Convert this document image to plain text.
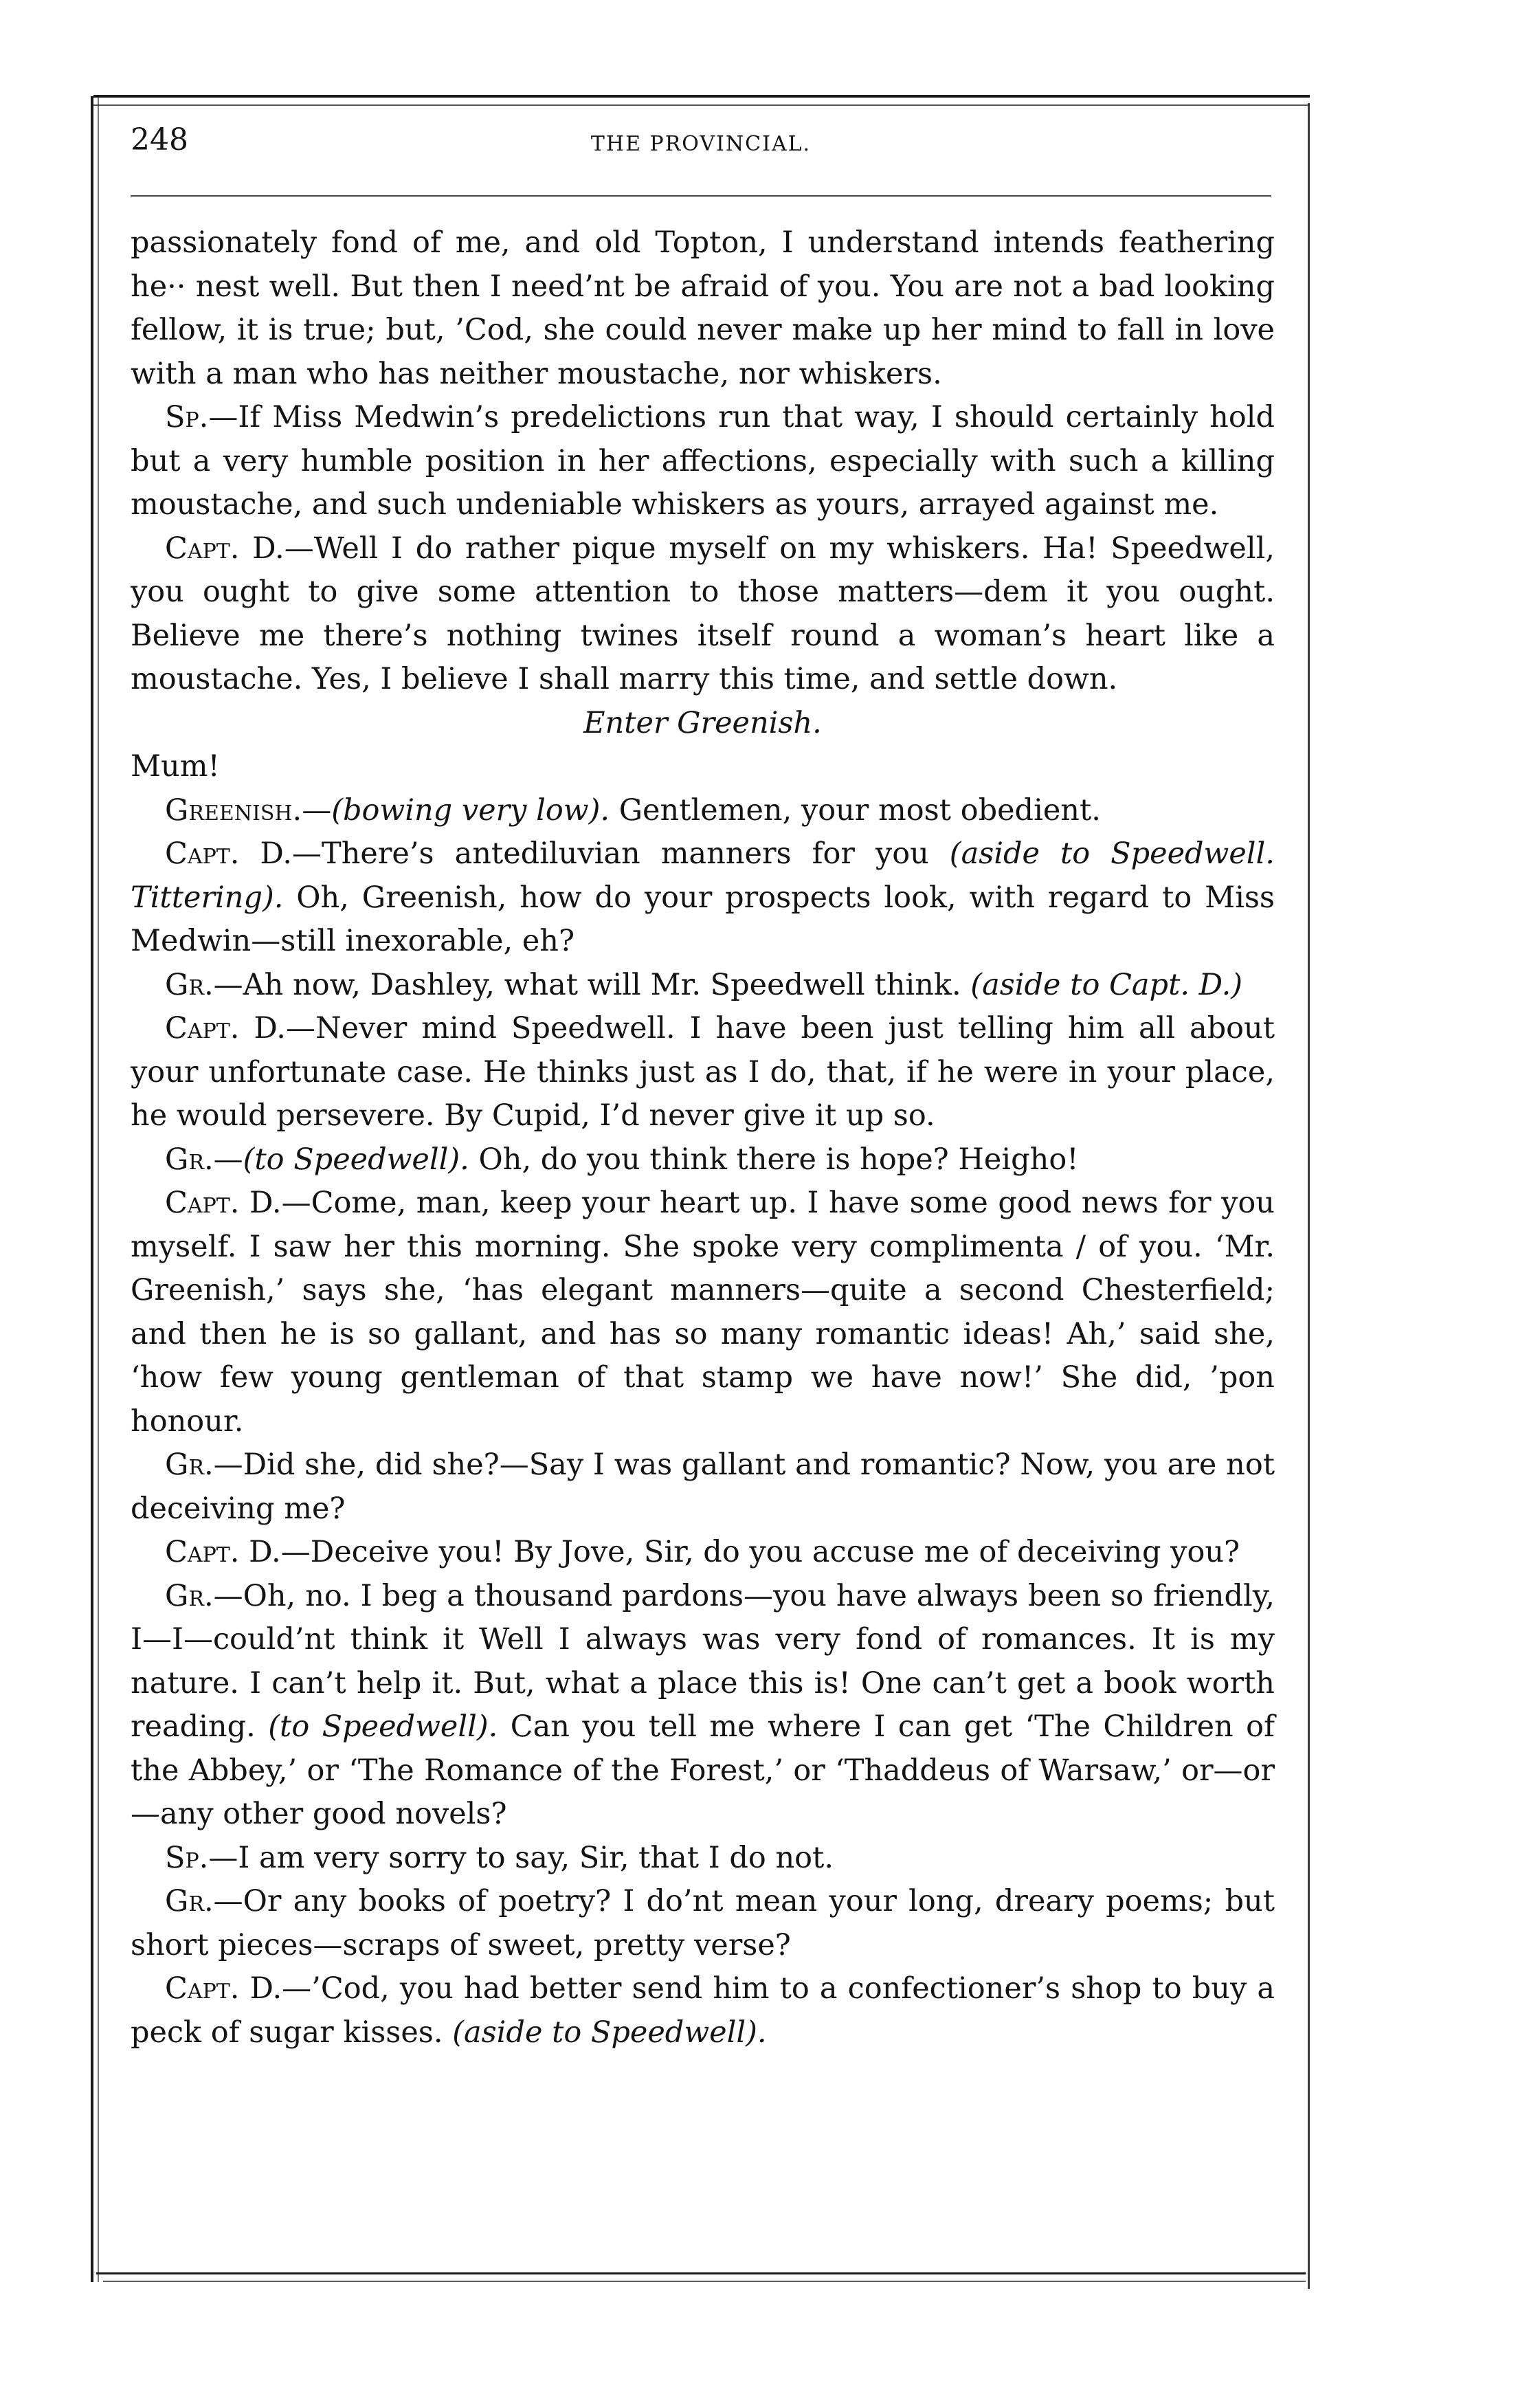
248	THE PROVINCIAL.

passionately fond of me, and old Topton, I understand intends feathering he·· nest well. But then I need’nt be afraid of you. You are not a bad looking fellow, it is true; but, ’Cod, she could never make up her mind to fall in love with a man who has neither moustache, nor whiskers.

Sp.—If Miss Medwin’s predelictions run that way, I should certainly hold but a very humble position in her affections, especially with such a killing moustache, and such undeniable whiskers as yours, arrayed against me.

Capt. D.—Well I do rather pique myself on my whiskers. Ha! Speedwell, you ought to give some attention to those matters—dem it you ought. Believe me there’s nothing twines itself round a woman’s heart like a moustache. Yes, I believe I shall marry this time, and settle down.

Enter Greenish.

Mum!

Greenish.—(bowing very low). Gentlemen, your most obedient.

Capt. D.—There’s antediluvian manners for you (aside to Speedwell. Tittering). Oh, Greenish, how do your prospects look, with regard to Miss Medwin—still inexorable, eh?

Gr.—Ah now, Dashley, what will Mr. Speedwell think. (aside to Capt. D.)

Capt. D.—Never mind Speedwell. I have been just telling him all about your unfortunate case. He thinks just as I do, that, if he were in your place, he would persevere. By Cupid, I’d never give it up so.

Gr.—(to Speedwell). Oh, do you think there is hope? Heigho!

Capt. D.—Come, man, keep your heart up. I have some good news for you myself. I saw her this morning. She spoke very complimenta / of you. ‘Mr. Greenish,’ says she, ‘has elegant manners—quite a second Chesterfield; and then he is so gallant, and has so many romantic ideas! Ah,’ said she, ‘how few young gentleman of that stamp we have now!’ She did, ’pon honour.

Gr.—Did she, did she?—Say I was gallant and romantic? Now, you are not deceiving me?

Capt. D.—Deceive you! By Jove, Sir, do you accuse me of deceiving you?

Gr.—Oh, no. I beg a thousand pardons—you have always been so friendly, I—I—could’nt think it Well I always was very fond of romances. It is my nature. I can’t help it. But, what a place this is! One can’t get a book worth reading. (to Speedwell). Can you tell me where I can get ‘The Children of the Abbey,’ or ‘The Romance of the Forest,’ or ‘Thaddeus of Warsaw,’ or—or—any other good novels?

Sp.—I am very sorry to say, Sir, that I do not.

Gr.—Or any books of poetry? I do’nt mean your long, dreary poems; but short pieces—scraps of sweet, pretty verse?

Capt. D.—’Cod, you had better send him to a confectioner’s shop to buy a peck of sugar kisses. (aside to Speedwell).
